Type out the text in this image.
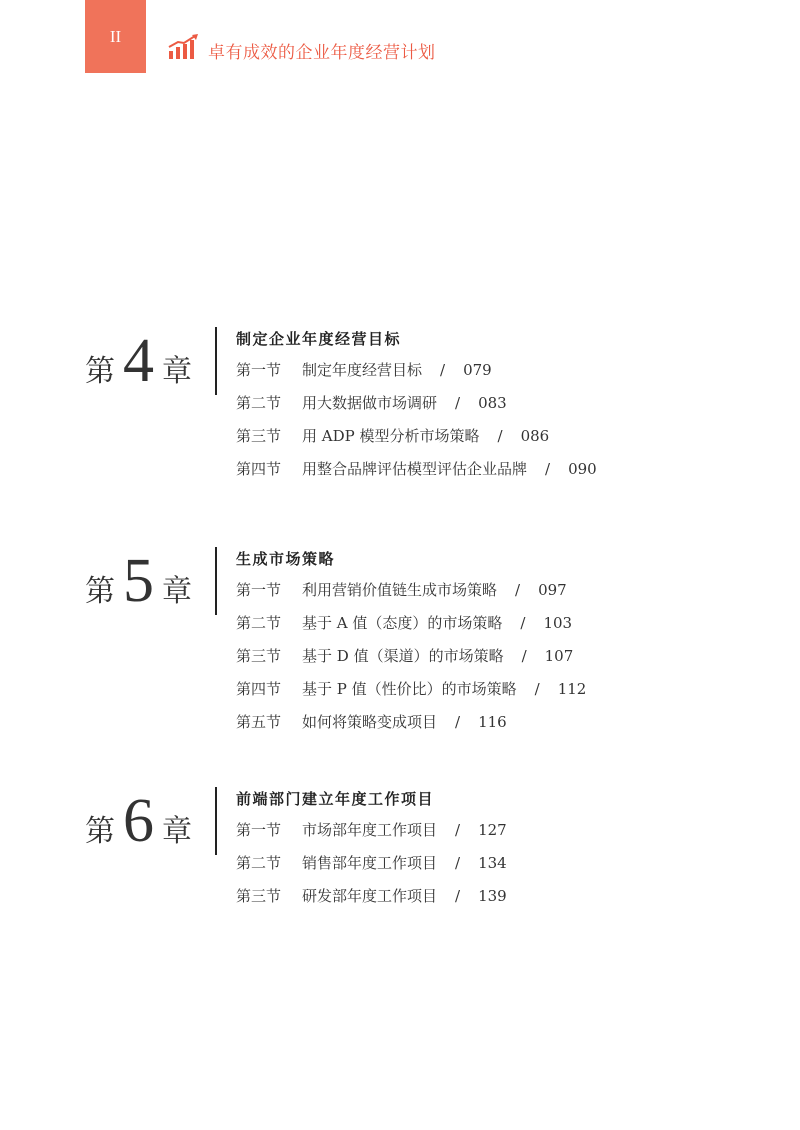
II
卓有成效的企业年度经营计划
第 4 章
制定企业年度经营目标
第一节 制定年度经营目标 / 079
第二节 用大数据做市场调研 / 083
第三节 用 ADP 模型分析市场策略 / 086
第四节 用整合品牌评估模型评估企业品牌 / 090
第 5 章
生成市场策略
第一节 利用营销价值链生成市场策略 / 097
第二节 基于 A 值（态度）的市场策略 / 103
第三节 基于 D 值（渠道）的市场策略 / 107
第四节 基于 P 值（性价比）的市场策略 / 112
第五节 如何将策略变成项目 / 116
第 6 章
前端部门建立年度工作项目
第一节 市场部年度工作项目 / 127
第二节 销售部年度工作项目 / 134
第三节 研发部年度工作项目 / 139
